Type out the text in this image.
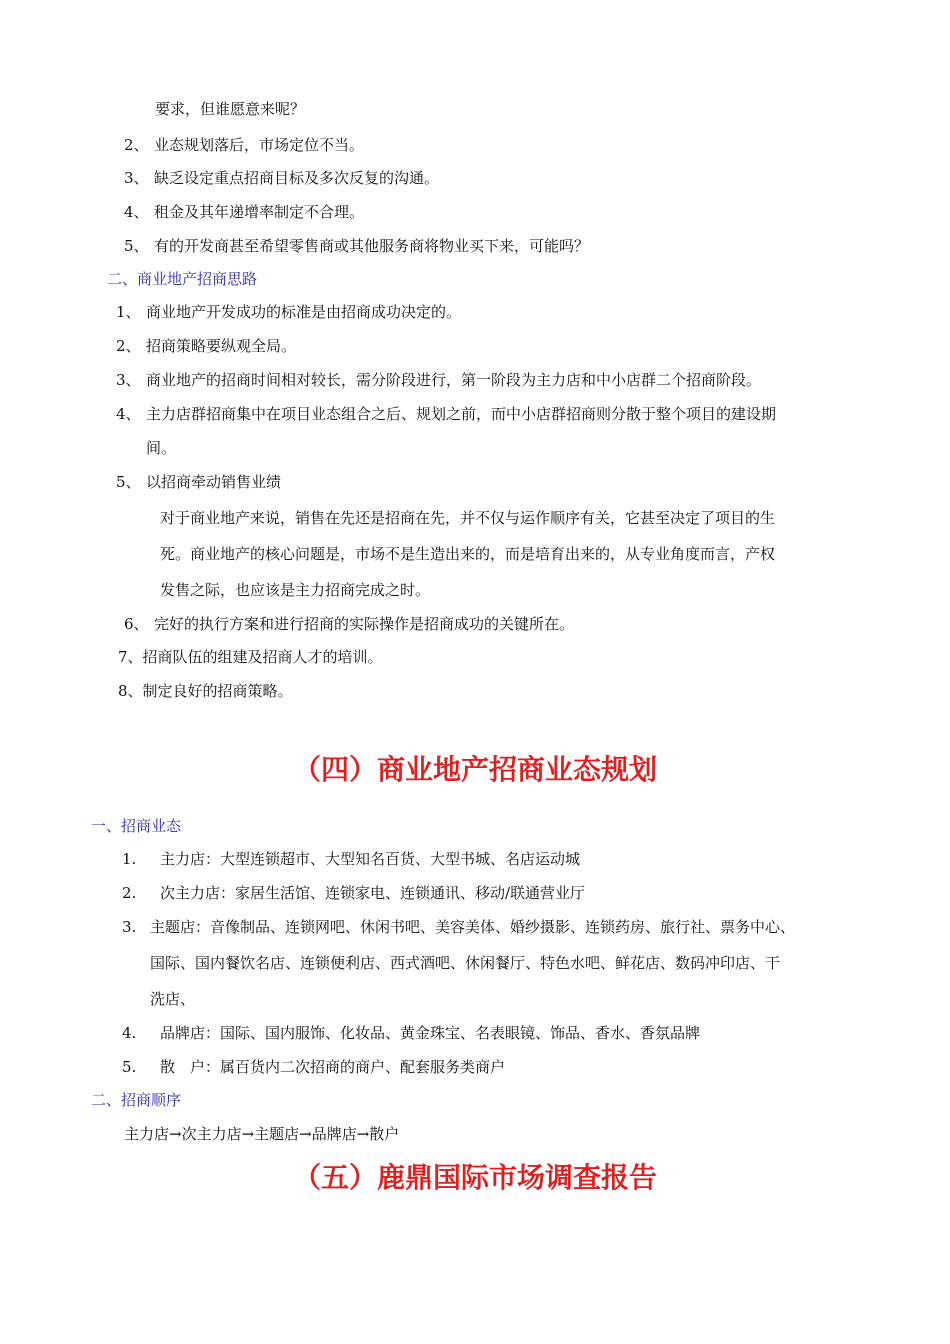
要求，但谁愿意来呢？
2、 业态规划落后，市场定位不当。
3、 缺乏设定重点招商目标及多次反复的沟通。
4、 租金及其年递增率制定不合理。
5、 有的开发商甚至希望零售商或其他服务商将物业买下来，可能吗？
二、商业地产招商思路
1、 商业地产开发成功的标准是由招商成功决定的。
2、 招商策略要纵观全局。
3、 商业地产的招商时间相对较长，需分阶段进行，第一阶段为主力店和中小店群二个招商阶段。
4、 主力店群招商集中在项目业态组合之后、规划之前，而中小店群招商则分散于整个项目的建设期
间。
5、 以招商牵动销售业绩
对于商业地产来说，销售在先还是招商在先，并不仅与运作顺序有关，它甚至决定了项目的生
死。商业地产的核心问题是，市场不是生造出来的，而是培育出来的，从专业角度而言，产权
发售之际，也应该是主力招商完成之时。
6、 完好的执行方案和进行招商的实际操作是招商成功的关键所在。
7、招商队伍的组建及招商人才的培训。
8、制定良好的招商策略。
（四）商业地产招商业态规划
一、招商业态
1. 主力店：大型连锁超市、大型知名百货、大型书城、名店运动城
2. 次主力店：家居生活馆、连锁家电、连锁通讯、移动/联通营业厅
3. 主题店：音像制品、连锁网吧、休闲书吧、美容美体、婚纱摄影、连锁药房、旅行社、票务中心、
国际、国内餐饮名店、连锁便利店、西式酒吧、休闲餐厅、特色水吧、鲜花店、数码冲印店、干
洗店、
4. 品牌店：国际、国内服饰、化妆品、黄金珠宝、名表眼镜、饰品、香水、香氛品牌
5. 散　户：属百货内二次招商的商户、配套服务类商户
二、招商顺序
主力店→次主力店→主题店→品牌店→散户
（五）鹿鼎国际市场调查报告
